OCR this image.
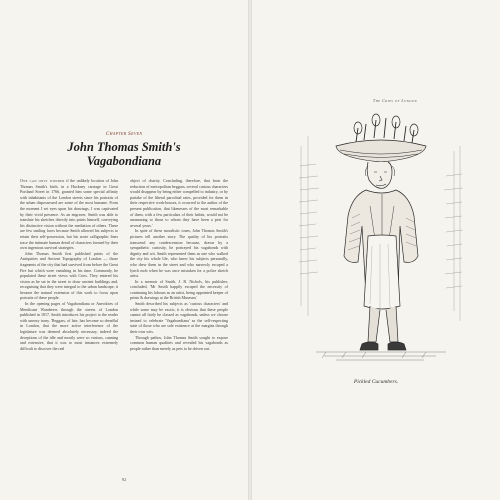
Chapter Seven
John Thomas Smith's
Vagabondiana

One can only wonder if the unlikely location of John Thomas Smith's birth, in a Hackney carriage in Great Portland Street in 1766, granted him some special affinity with inhabitants of the London streets since his portraits of the urban dispossessed are some of the most humane. From the moment I set eyes upon his drawings, I was captivated by their vivid presence. As an engraver, Smith was able to translate his sketches directly into prints himself, conveying his distinctive vision without the mediation of others. These are few smiling faces because Smith allowed his subjects to retain their self-possession, but his acute calligraphic lines trace the intimate human detail of characters formed by their own ingenious survival strategies.

John Thomas Smith first published prints of the Antiquities and Ancient Topography of London — those fragments of the city that had survived from before the Great Fire but which were vanishing in his time. Commonly, he populated these street views with Cries. They entered his vision as he sat in the street to draw ancient buildings and, recognising that they were integral to the urban landscape, it became the natural extension of this work to focus upon portraits of these people.

In the opening pages of Vagabondiana or Anecdotes of Mendicant Wanderers through the streets of London published in 1817, Smith introduces his project to the reader with uneasy irony. 'Beggars, of late, has become so dreadful in London, that the more active interference of the legislature was deemed absolutely necessary, indeed the deceptions of the idle and mostly were so various, cunning and extensive, that it was to most instances extremely difficult to discover the real

object of charity. Concluding, therefore, that from the reduction of metropolitan beggars, several curious characters would disappear by being either compelled to industry, or by partake of the liberal parochial rates, provided for them in their respective work-houses, it occurred to the author of the present publication, that likenesses of the most remarkable of them, with a few particulars of their habits, would not be unamusing to those to whom they have been a pest for several years.'

In spite of these moralistic tones, John Thomas Smith's pictures tell another story. The quality of his portraits transcend any condescension because, drawn by a sympathetic curiosity, he portrayed his vagabonds with dignity and wit. Smith represented them as one who walked the city his whole life, who knew his subjects personally, who drew them in the street and who narrowly escaped a lynch mob when he was once mistaken for a police sketch artist.

In a memoir of Smith, J. R. Nichols, his publisher, concluded, 'Mr Smith happily escaped the necessity of continuing his labours as an artist, being appointed keeper of prints & drawings at the British Museum.'

Smith described his subjects as 'curious characters' and while some may be exotic, it is obvious that these people cannot all fairly be classed as vagabonds, unless we choose instead to celebrate 'Vagabondiana' as the self-respecting state of those who are sole existence at the margins through their own wits.

Through pathos, John Thomas Smith sought to expose common human qualities and revealed his vagabonds as people rather than merely as pets to be driven out.

92
The Cries of London
Pickled Cucumbers.
